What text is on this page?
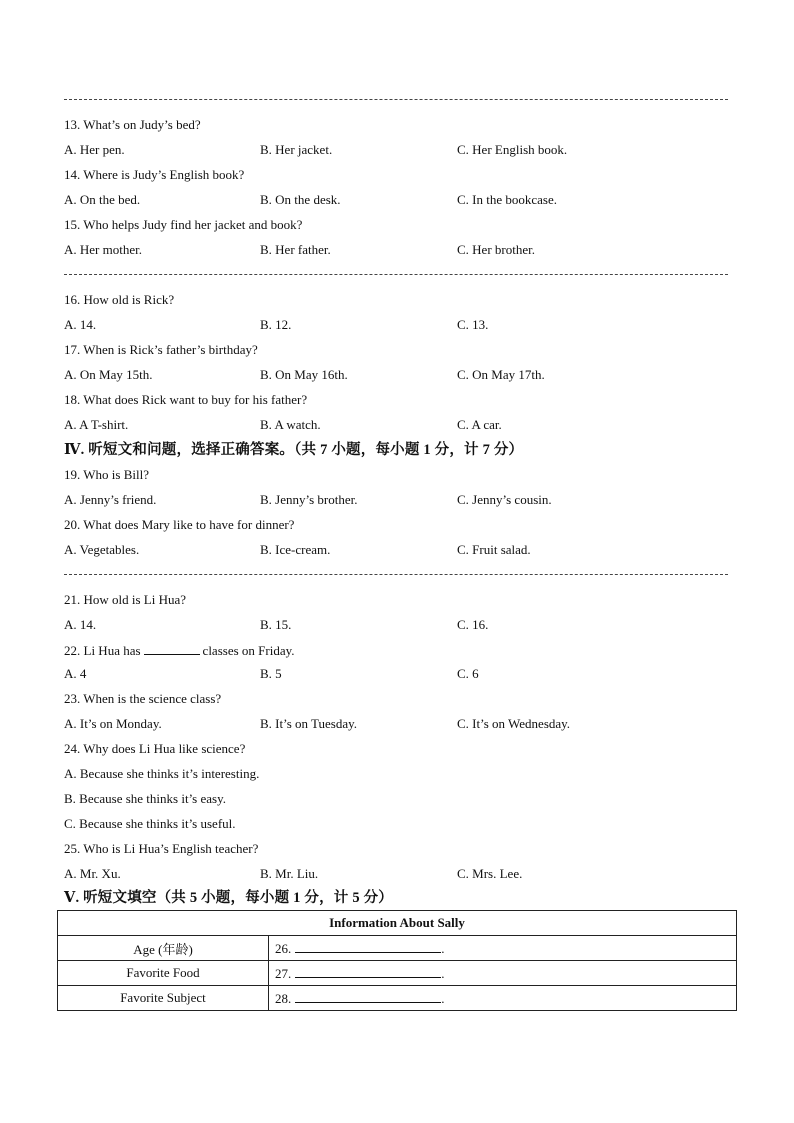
13. What’s on Judy’s bed?
A. Her pen.	B. Her jacket.	C. Her English book.
14. Where is Judy’s English book?
A. On the bed.	B. On the desk.	C. In the bookcase.
15. Who helps Judy find her jacket and book?
A. Her mother.	B. Her father.	C. Her brother.
16. How old is Rick?
A. 14.	B. 12.	C. 13.
17. When is Rick’s father’s birthday?
A. On May 15th.	B. On May 16th.	C. On May 17th.
18. What does Rick want to buy for his father?
A. A T-shirt.	B. A watch.	C. A car.
Ⅳ. 听短文和问题，选择正确答案。（共 7 小题，每小题 1 分，计 7 分）
19. Who is Bill?
A. Jenny’s friend.	B. Jenny’s brother.	C. Jenny’s cousin.
20. What does Mary like to have for dinner?
A. Vegetables.	B. Ice-cream.	C. Fruit salad.
21. How old is Li Hua?
A. 14.	B. 15.	C. 16.
22. Li Hua has	classes on Friday.
A. 4	B. 5	C. 6
23. When is the science class?
A. It’s on Monday.	B. It’s on Tuesday.	C. It’s on Wednesday.
24. Why does Li Hua like science?
A. Because she thinks it’s interesting.
B. Because she thinks it’s easy.
C. Because she thinks it’s useful.
25. Who is Li Hua’s English teacher?
A. Mr. Xu.	B. Mr. Liu.	C. Mrs. Lee.
Ⅴ. 听短文填空（共 5 小题，每小题 1 分，计 5 分）
Information About Sally	
Age (年龄)	26. .
Favorite Food	27. .
Favorite Subject	28. .
